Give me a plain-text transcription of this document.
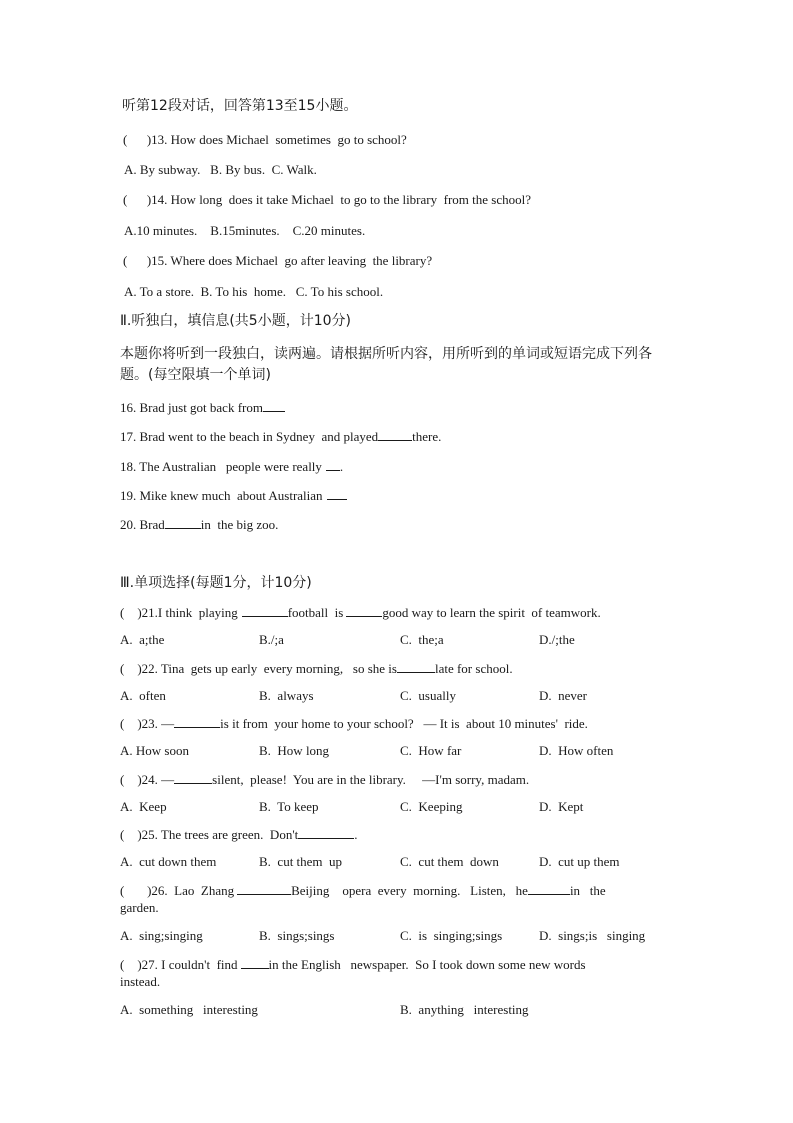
听第12段对话，回答第13至15小题。
(      )13. How does Michael  sometimes  go to school?
A. By subway.   B. By bus.  C. Walk.
(      )14. How long  does it take Michael  to go to the library  from the school?
A.10 minutes.    B.15minutes.    C.20 minutes.
(      )15. Where does Michael  go after leaving  the library?
A. To a store.  B. To his  home.   C. To his school.
Ⅱ.听独白，填信息(共5小题，计10分)
本题你将听到一段独白，读两遍。请根据所听内容，用所听到的单词或短语完成下列各题。(每空限填一个单词)
16. Brad just got back from
17. Brad went to the beach in Sydney  and played	there.
18. The Australian   people were really .
19. Mike knew much  about Australian
20. Brad	in  the big zoo.
Ⅲ.单项选择(每题1分，计10分)
(    )21.I think  playing	football  is	good way to learn the spirit  of teamwork.
A.  a;the	B./;a	C.  the;a	D./;the
(    )22. Tina  gets up early  every morning,   so she is	late for school.
A.  often	B.  always	C.  usually	D.  never
(    )23. —	is it from  your home to your school?   — It is  about 10 minutes'  ride.
A. How soon	B.  How long	C.  How far	D.  How often
(    )24. —	silent,  please!  You are in the library.     —I'm sorry, madam.
A.  Keep	B.  To keep	C.  Keeping	D.  Kept
(    )25. The trees are green.  Don't	.
A.  cut down them	B.  cut them  up	C.  cut them  down	D.  cut up them
(       )26.  Lao  Zhang	Beijing    opera  every  morning.   Listen,   he	in   the
garden.
A.  sing;singing	B.  sings;sings	C.  is  singing;sings	D.  sings;is   singing
(    )27. I couldn't  find in the English   newspaper.  So I took down some new words
instead.
A.  something   interesting	B.  anything   interesting
